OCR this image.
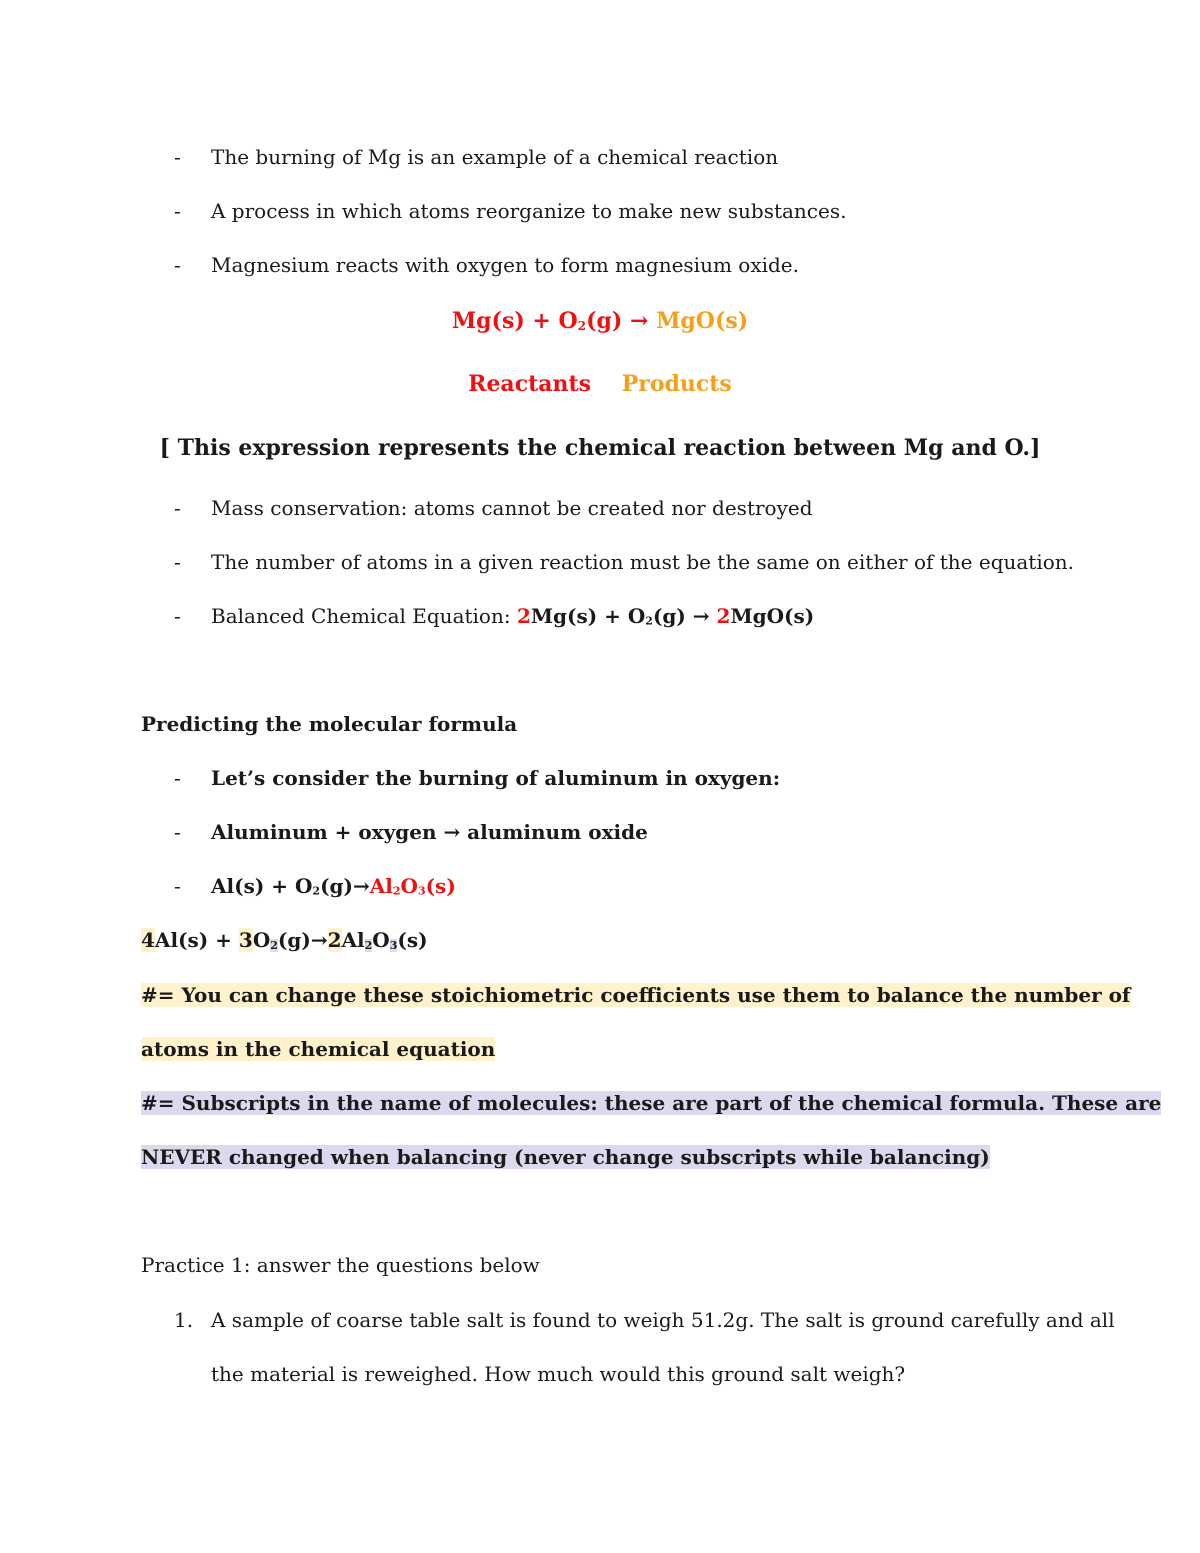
- The burning of Mg is an example of a chemical reaction
- A process in which atoms reorganize to make new substances.
- Magnesium reacts with oxygen to form magnesium oxide.
$Mg(s) + O_2(g) \to MgO(s)$
Reactants Products
[ This expression represents the chemical reaction between Mg and O.]
- Mass conservation: atoms cannot be created nor destroyed
- The number of atoms in a given reaction must be the same on either of the equation.
- Balanced Chemical Equation: $2Mg(s) + O_2(g) \to 2MgO(s)$
Predicting the molecular formula
- Let’s consider the burning of aluminum in oxygen:
- Aluminum + oxygen → aluminum oxide
- $Al(s) + O_2(g)\to Al_2O_3(s)$
$4Al(s) + 3O_2(g)\to 2Al_2O_3(s)$
#= You can change these stoichiometric coefficients use them to balance the number of
atoms in the chemical equation
#= Subscripts in the name of molecules: these are part of the chemical formula. These are
NEVER changed when balancing (never change subscripts while balancing)
Practice 1: answer the questions below
1. A sample of coarse table salt is found to weigh 51.2g. The salt is ground carefully and all
the material is reweighed. How much would this ground salt weigh?
